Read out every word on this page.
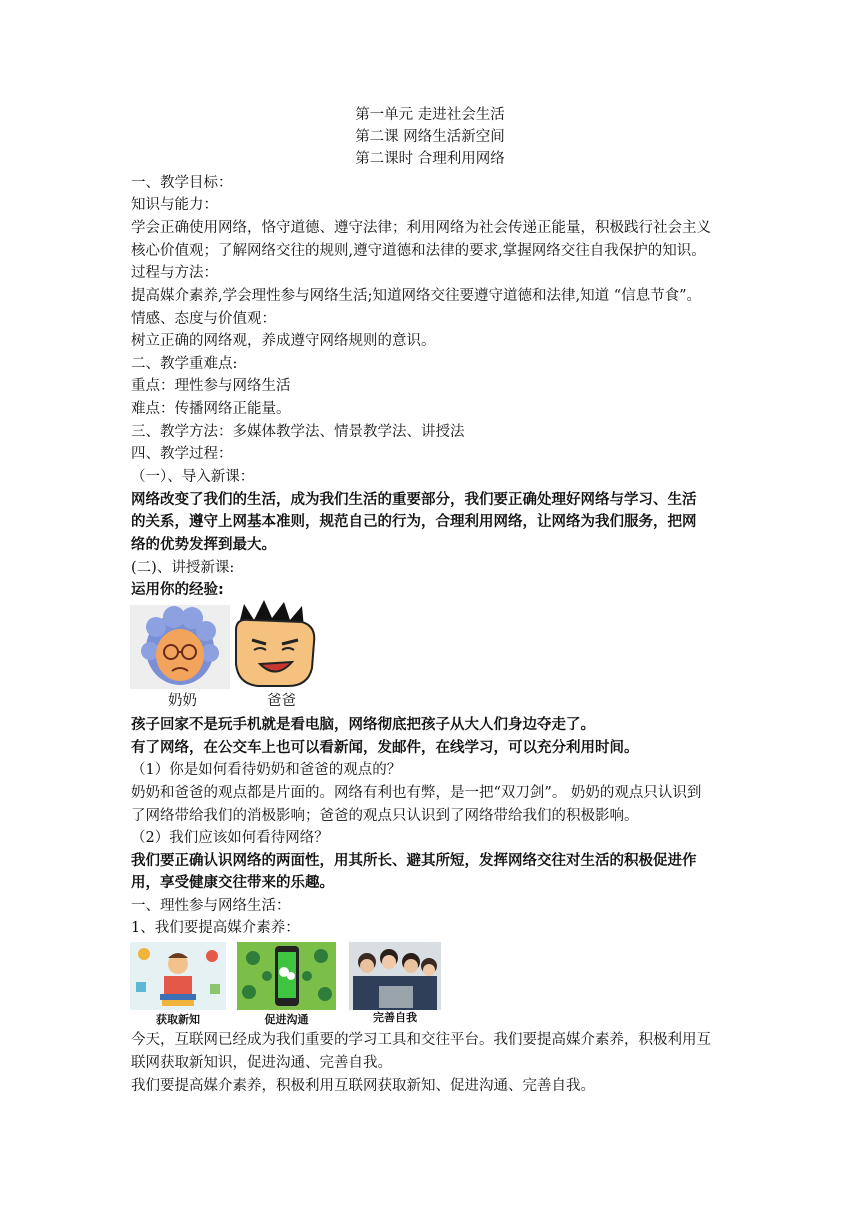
第一单元 走进社会生活
第二课 网络生活新空间
第二课时 合理利用网络
一、教学目标：
知识与能力：
学会正确使用网络，恪守道德、遵守法律；利用网络为社会传递正能量，积极践行社会主义
核心价值观；了解网络交往的规则,遵守道德和法律的要求,掌握网络交往自我保护的知识。
过程与方法：
提高媒介素养,学会理性参与网络生活;知道网络交往要遵守道德和法律,知道 “信息节食”。
情感、态度与价值观：
树立正确的网络观，养成遵守网络规则的意识。
二、教学重难点:
重点：理性参与网络生活
难点：传播网络正能量。
三、教学方法：多媒体教学法、情景教学法、讲授法
四、教学过程：
（一）、导入新课：
网络改变了我们的生活，成为我们生活的重要部分，我们要正确处理好网络与学习、生活
的关系，遵守上网基本准则，规范自己的行为，合理利用网络，让网络为我们服务，把网
络的优势发挥到最大。
(二)、讲授新课:
运用你的经验:
奶奶	爸爸
孩子回家不是玩手机就是看电脑，网络彻底把孩子从大人们身边夺走了。
有了网络，在公交车上也可以看新闻，发邮件，在线学习，可以充分利用时间。
（1）你是如何看待奶奶和爸爸的观点的？
奶奶和爸爸的观点都是片面的。网络有利也有弊，是一把“双刀剑”。 奶奶的观点只认识到
了网络带给我们的消极影响；爸爸的观点只认识到了网络带给我们的积极影响。
（2）我们应该如何看待网络？
我们要正确认识网络的两面性，用其所长、避其所短，发挥网络交往对生活的积极促进作
用，享受健康交往带来的乐趣。
一、理性参与网络生活：
1、我们要提高媒介素养：
获取新知	促进沟通	完善自我
今天，互联网已经成为我们重要的学习工具和交往平台。我们要提高媒介素养，积极利用互
联网获取新知识，促进沟通、完善自我。
我们要提高媒介素养，积极利用互联网获取新知、促进沟通、完善自我。
